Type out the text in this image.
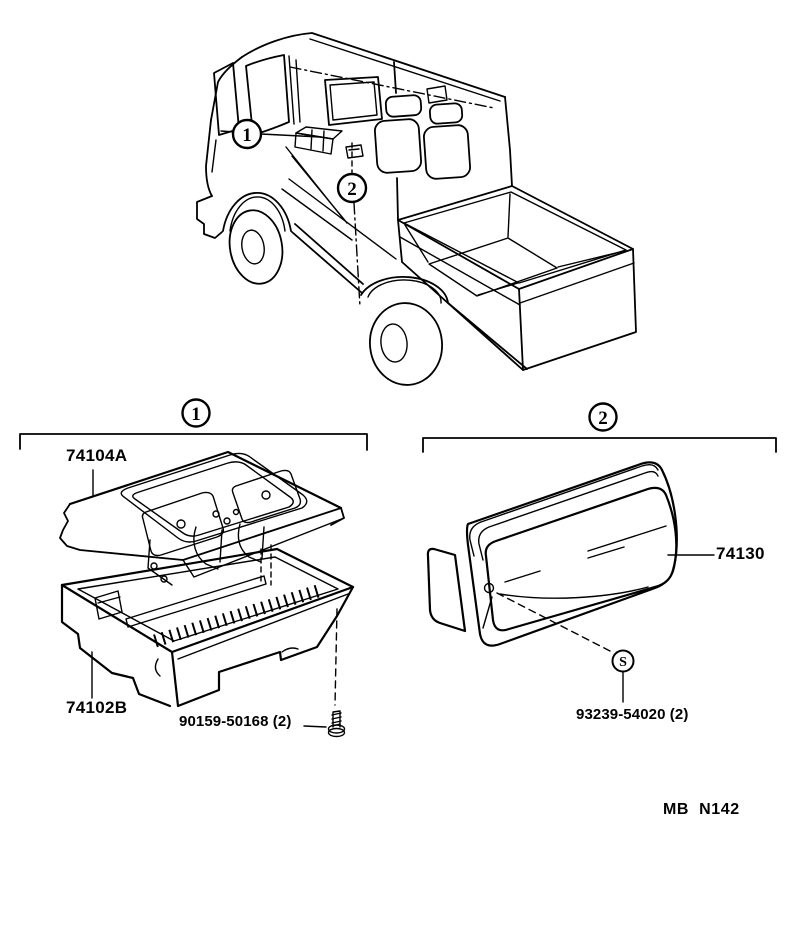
1
2
1	2
S
74104A
74102B
90159-50168 (2)
74130
93239-54020 (2)
MB N142
